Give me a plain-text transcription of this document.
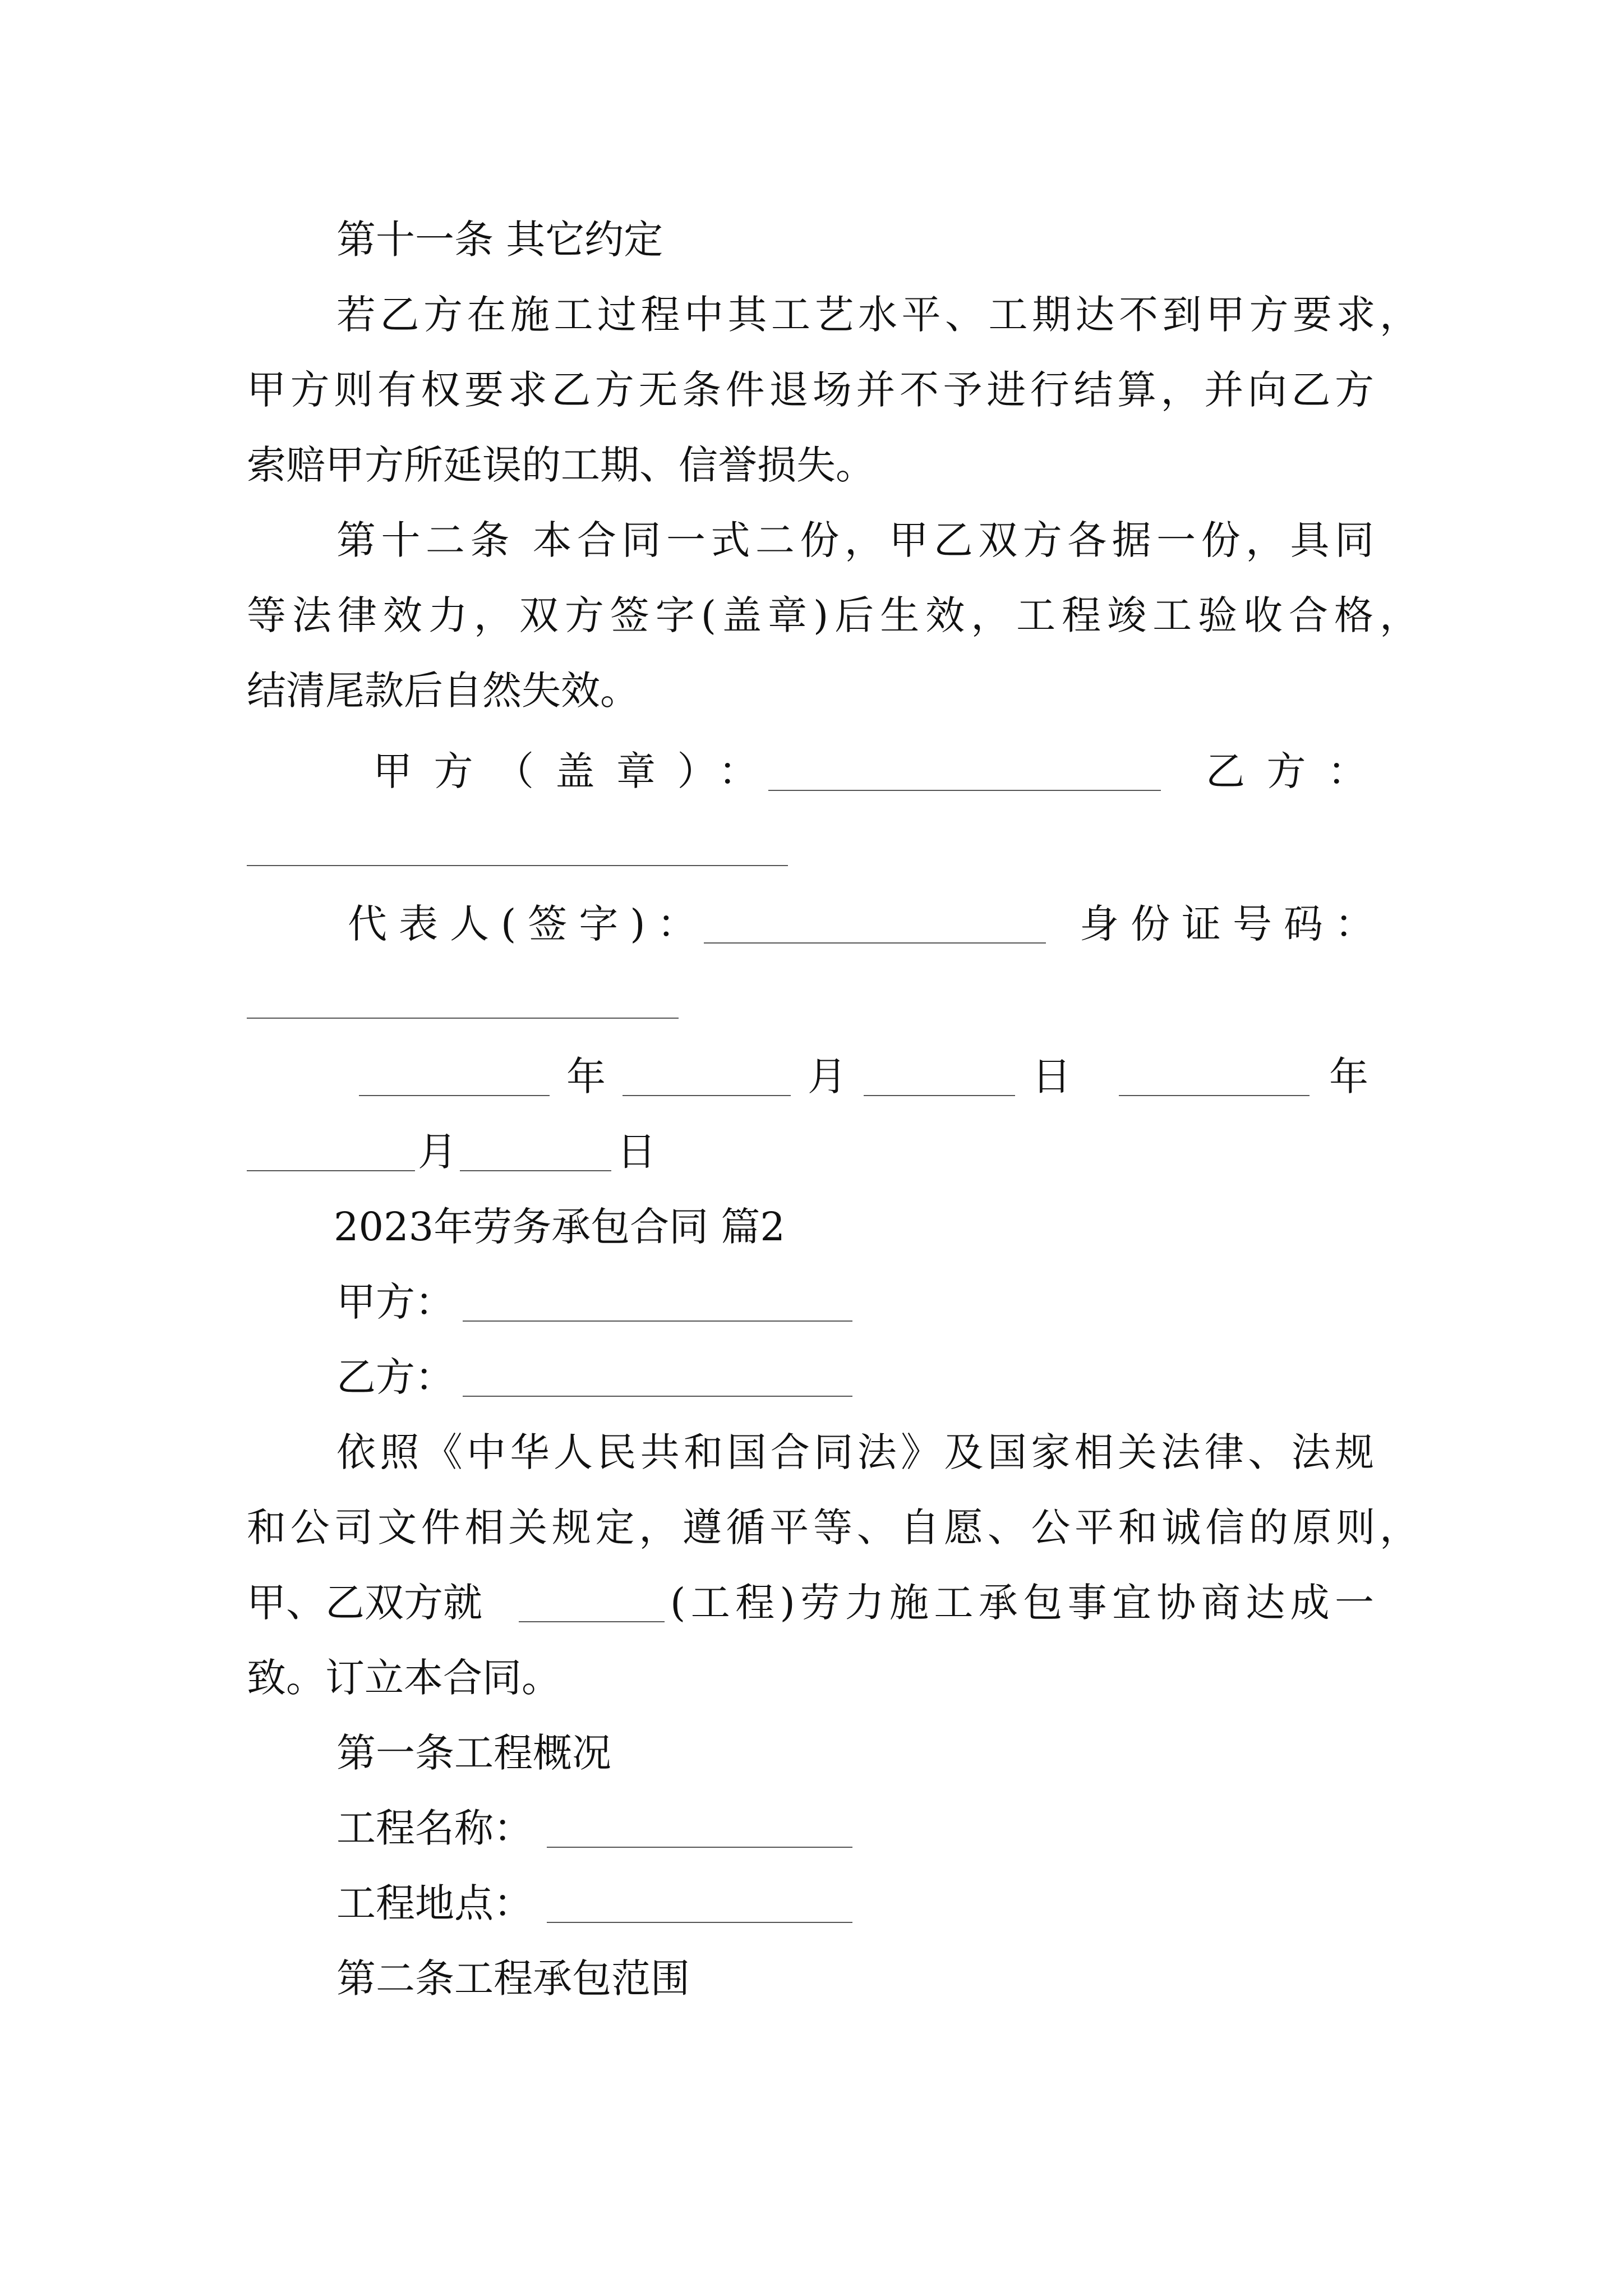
第十一条 其它约定
若乙方在施工过程中其工艺水平、工期达不到甲方要求，
甲方则有权要求乙方无条件退场并不予进行结算，并向乙方
索赔甲方所延误的工期、信誉损失。
第十二条 本合同一式二份，甲乙双方各据一份，具同
等法律效力，双方签字(盖章)后生效，工程竣工验收合格，
结清尾款后自然失效。
甲方（盖章）：	乙方：
代表人(签字)：	身份证号码：
年	月	日	年
月	日
2023年劳务承包合同 篇2
甲方：
乙方：
依照《中华人民共和国合同法》及国家相关法律、法规
和公司文件相关规定，遵循平等、自愿、公平和诚信的原则，
甲、乙双方就	(工程)劳力施工承包事宜协商达成一
致。订立本合同。
第一条工程概况
工程名称：
工程地点：
第二条工程承包范围
